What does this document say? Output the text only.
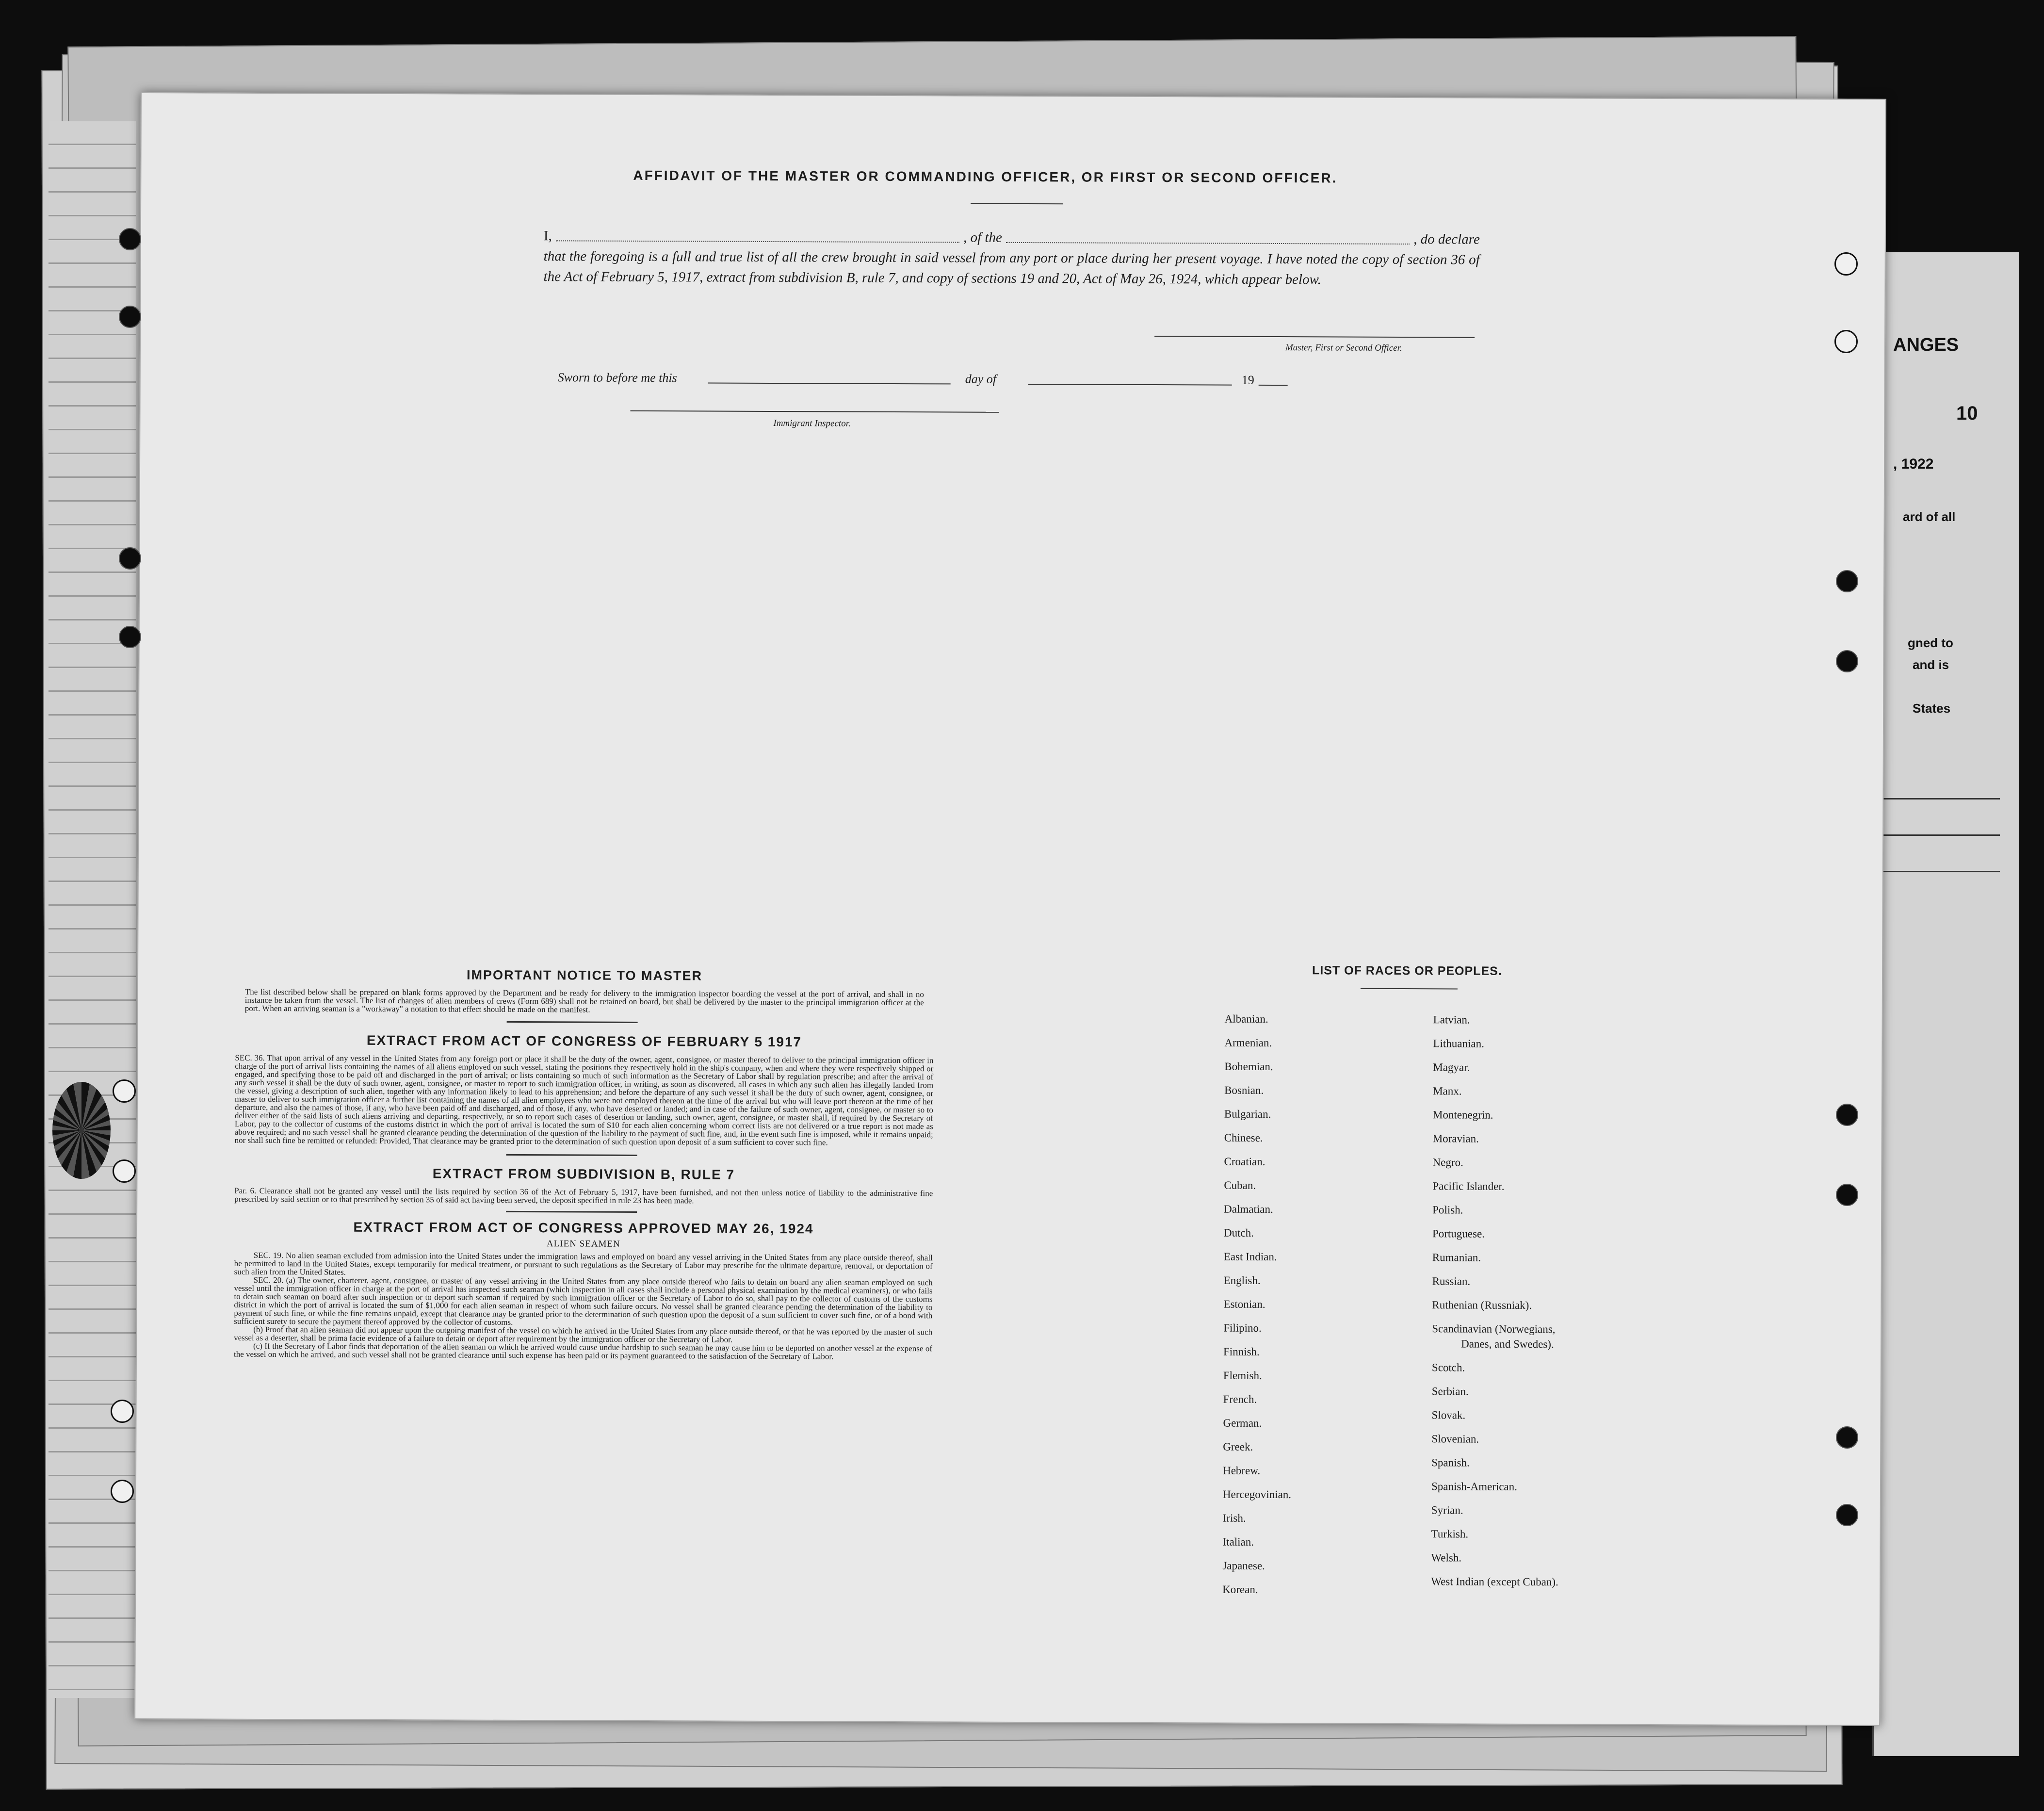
ANGES
10
, 1922
ard of all
gned to
and is
States
AFFIDAVIT OF THE MASTER OR COMMANDING OFFICER, OR FIRST OR SECOND OFFICER.
I,	, of the	, do declare
that the foregoing is a full and true list of all the crew brought in said vessel from any port or place during her present voyage. I have noted the copy of section 36 of the Act of February 5, 1917, extract from subdivision B, rule 7, and copy of sections 19 and 20, Act of May 26, 1924, which appear below.
Master, First or Second Officer.
Sworn to before me this	day of	19
Immigrant Inspector.
IMPORTANT NOTICE TO MASTER
The list described below shall be prepared on blank forms approved by the Department and be ready for delivery to the immigration inspector boarding the vessel at the port of arrival, and shall in no instance be taken from the vessel. The list of changes of alien members of crews (Form 689) shall not be retained on board, but shall be delivered by the master to the principal immigration officer at the port. When an arriving seaman is a "workaway" a notation to that effect should be made on the manifest.
EXTRACT FROM ACT OF CONGRESS OF FEBRUARY 5 1917
SEC. 36. That upon arrival of any vessel in the United States from any foreign port or place it shall be the duty of the owner, agent, consignee, or master thereof to deliver to the principal immigration officer in charge of the port of arrival lists containing the names of all aliens employed on such vessel, stating the positions they respectively hold in the ship's company, when and where they were respectively shipped or engaged, and specifying those to be paid off and discharged in the port of arrival; or lists containing so much of such information as the Secretary of Labor shall by regulation prescribe; and after the arrival of any such vessel it shall be the duty of such owner, agent, consignee, or master to report to such immigration officer, in writing, as soon as discovered, all cases in which any such alien has illegally landed from the vessel, giving a description of such alien, together with any information likely to lead to his apprehension; and before the departure of any such vessel it shall be the duty of such owner, agent, consignee, or master to deliver to such immigration officer a further list containing the names of all alien employees who were not employed thereon at the time of the arrival but who will leave port thereon at the time of her departure, and also the names of those, if any, who have been paid off and discharged, and of those, if any, who have deserted or landed; and in case of the failure of such owner, agent, consignee, or master so to deliver either of the said lists of such aliens arriving and departing, respectively, or so to report such cases of desertion or landing, such owner, agent, consignee, or master shall, if required by the Secretary of Labor, pay to the collector of customs of the customs district in which the port of arrival is located the sum of $10 for each alien concerning whom correct lists are not delivered or a true report is not made as above required; and no such vessel shall be granted clearance pending the determination of the question of the liability to the payment of such fine, and, in the event such fine is imposed, while it remains unpaid; nor shall such fine be remitted or refunded: Provided, That clearance may be granted prior to the determination of such question upon deposit of a sum sufficient to cover such fine.
EXTRACT FROM SUBDIVISION B, RULE 7
Par. 6. Clearance shall not be granted any vessel until the lists required by section 36 of the Act of February 5, 1917, have been furnished, and not then unless notice of liability to the administrative fine prescribed by said section or to that prescribed by section 35 of said act having been served, the deposit specified in rule 23 has been made.
EXTRACT FROM ACT OF CONGRESS APPROVED MAY 26, 1924
ALIEN SEAMEN
SEC. 19. No alien seaman excluded from admission into the United States under the immigration laws and employed on board any vessel arriving in the United States from any place outside thereof, shall be permitted to land in the United States, except temporarily for medical treatment, or pursuant to such regulations as the Secretary of Labor may prescribe for the ultimate departure, removal, or deportation of such alien from the United States.
SEC. 20. (a) The owner, charterer, agent, consignee, or master of any vessel arriving in the United States from any place outside thereof who fails to detain on board any alien seaman employed on such vessel until the immigration officer in charge at the port of arrival has inspected such seaman (which inspection in all cases shall include a personal physical examination by the medical examiners), or who fails to detain such seaman on board after such inspection or to deport such seaman if required by such immigration officer or the Secretary of Labor to do so, shall pay to the collector of customs of the customs district in which the port of arrival is located the sum of $1,000 for each alien seaman in respect of whom such failure occurs. No vessel shall be granted clearance pending the determination of the liability to payment of such fine, or while the fine remains unpaid, except that clearance may be granted prior to the determination of such question upon the deposit of a sum sufficient to cover such fine, or of a bond with sufficient surety to secure the payment thereof approved by the collector of customs.
(b) Proof that an alien seaman did not appear upon the outgoing manifest of the vessel on which he arrived in the United States from any place outside thereof, or that he was reported by the master of such vessel as a deserter, shall be prima facie evidence of a failure to detain or deport after requirement by the immigration officer or the Secretary of Labor.
(c) If the Secretary of Labor finds that deportation of the alien seaman on which he arrived would cause undue hardship to such seaman he may cause him to be deported on another vessel at the expense of the vessel on which he arrived, and such vessel shall not be granted clearance until such expense has been paid or its payment guaranteed to the satisfaction of the Secretary of Labor.
LIST OF RACES OR PEOPLES.
Albanian.
Armenian.
Bohemian.
Bosnian.
Bulgarian.
Chinese.
Croatian.
Cuban.
Dalmatian.
Dutch.
East Indian.
English.
Estonian.
Filipino.
Finnish.
Flemish.
French.
German.
Greek.
Hebrew.
Hercegovinian.
Irish.
Italian.
Japanese.
Korean.
Latvian.
Lithuanian.
Magyar.
Manx.
Montenegrin.
Moravian.
Negro.
Pacific Islander.
Polish.
Portuguese.
Rumanian.
Russian.
Ruthenian (Russniak).
Scandinavian (Norwegians,
Danes, and Swedes).
Scotch.
Serbian.
Slovak.
Slovenian.
Spanish.
Spanish-American.
Syrian.
Turkish.
Welsh.
West Indian (except Cuban).
